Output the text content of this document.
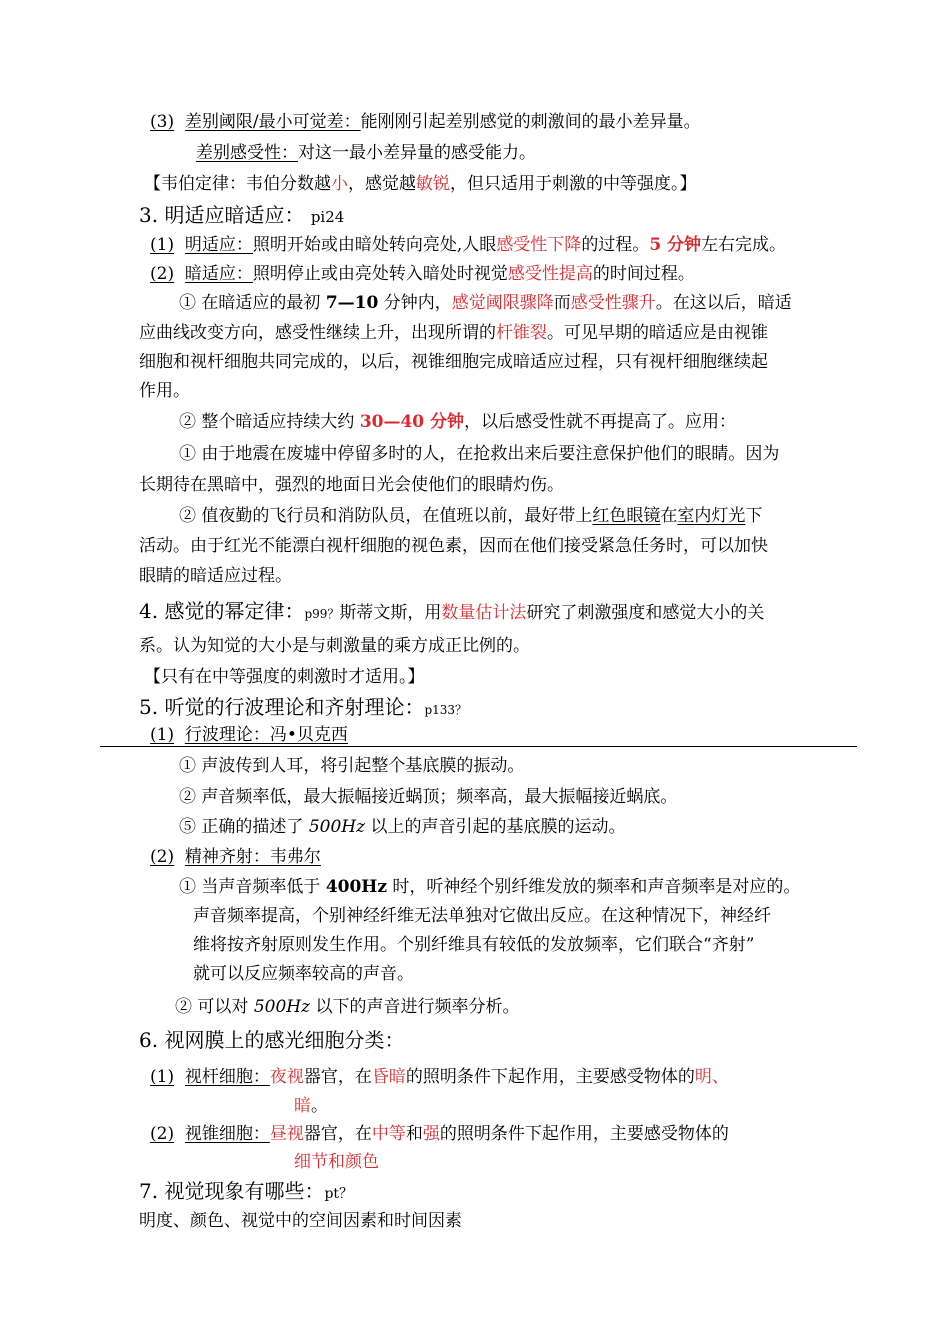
(3) 差别阈限/最小可觉差：能刚刚引起差别感觉的刺激间的最小差异量。
差别感受性：对这一最小差异量的感受能力。
【韦伯定律：韦伯分数越小，感觉越敏锐，但只适用于刺激的中等强度。】
3. 明适应暗适应： pi24
(1) 明适应：照明开始或由暗处转向亮处,人眼感受性下降的过程。5 分钟左右完成。
(2) 暗适应：照明停止或由亮处转入暗处时视觉感受性提高的时间过程。
① 在暗适应的最初 7—10 分钟内，感觉阈限骤降而感受性骤升。在这以后，暗适
应曲线改变方向，感受性继续上升，出现所谓的杆锥裂。可见早期的暗适应是由视锥
细胞和视杆细胞共同完成的，以后，视锥细胞完成暗适应过程，只有视杆细胞继续起
作用。
② 整个暗适应持续大约 30—40 分钟，以后感受性就不再提高了。应用：
① 由于地震在废墟中停留多时的人，在抢救出来后要注意保护他们的眼睛。因为
长期待在黑暗中，强烈的地面日光会使他们的眼睛灼伤。
② 值夜勤的飞行员和消防队员，在值班以前，最好带上红色眼镜在室内灯光下
活动。由于红光不能漂白视杆细胞的视色素，因而在他们接受紧急任务时，可以加快
眼睛的暗适应过程。
4. 感觉的幂定律：p99？斯蒂文斯，用数量估计法研究了刺激强度和感觉大小的关
系。认为知觉的大小是与刺激量的乘方成正比例的。
【只有在中等强度的刺激时才适用。】
5. 听觉的行波理论和齐射理论：p133？
(1) 行波理论：冯•贝克西
① 声波传到人耳，将引起整个基底膜的振动。
② 声音频率低，最大振幅接近蜗顶；频率高，最大振幅接近蜗底。
⑤ 正确的描述了 500Hz 以上的声音引起的基底膜的运动。
(2) 精神齐射：韦弗尔
① 当声音频率低于 400Hz 时，听神经个别纤维发放的频率和声音频率是对应的。
声音频率提高，个别神经纤维无法单独对它做出反应。在这种情况下，神经纤
维将按齐射原则发生作用。个别纤维具有较低的发放频率，它们联合“齐射”
就可以反应频率较高的声音。
② 可以对 500Hz 以下的声音进行频率分析。
6. 视网膜上的感光细胞分类：
(1) 视杆细胞：夜视器官，在昏暗的照明条件下起作用，主要感受物体的明、
暗。
(2) 视锥细胞：昼视器官，在中等和强的照明条件下起作用，主要感受物体的
细节和颜色
7. 视觉现象有哪些：pt？
明度、颜色、视觉中的空间因素和时间因素
